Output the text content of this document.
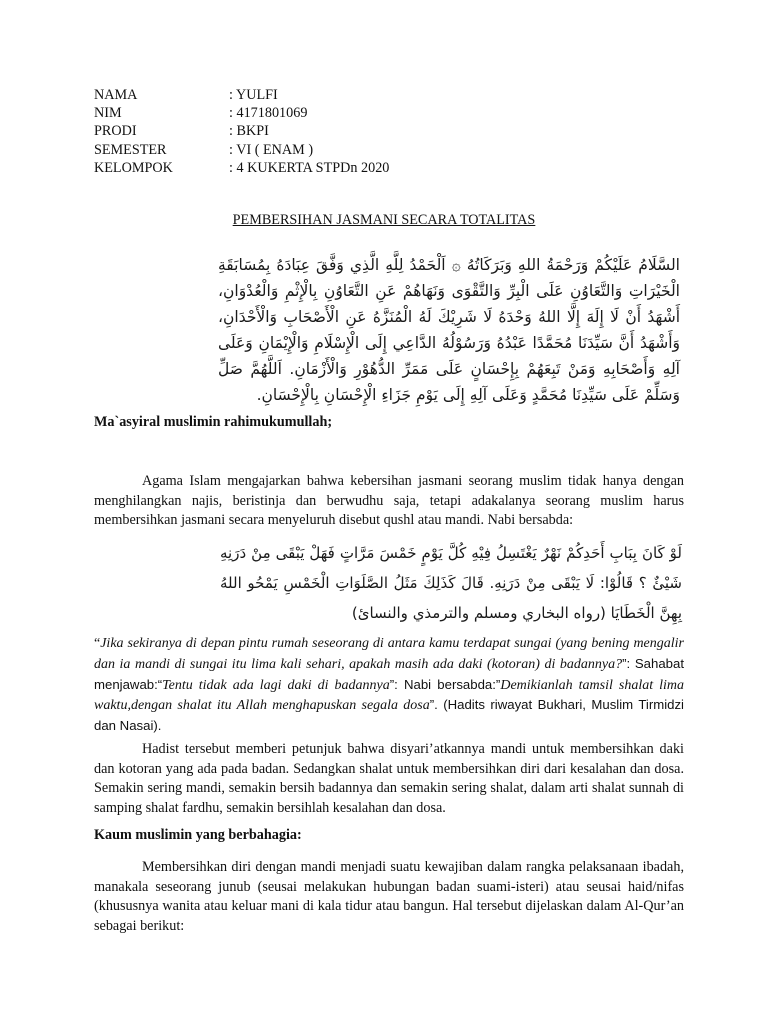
NAMA	: YULFI
NIM	: 4171801069
PRODI	: BKPI
SEMESTER	: VI ( ENAM )
KELOMPOK	: 4 KUKERTA STPDn 2020
PEMBERSIHAN JASMANI SECARA TOTALITAS
السَّلَامُ عَلَيْكُمْ وَرَحْمَةُ اللهِ وَبَرَكَاتُهُ ۞ اَلْحَمْدُ لِلَّهِ الَّذِي وَفَّقَ عِبَادَهُ بِمُسَابَقَةِ الْخَيْرَاتِ وَالتَّعَاوُنِ عَلَى الْبِرِّ وَالتَّقْوَى وَنَهَاهُمْ عَنِ التَّعَاوُنِ بِالْإِثْمِ وَالْعُدْوَانِ، أَشْهَدُ أَنْ لَا إِلَهَ إِلَّا اللهُ وَحْدَهُ لَا شَرِيْكَ لَهُ الْمُنَزَّهُ عَنِ الْأَصْحَابِ وَالْأَحْدَانِ، وَأَشْهَدُ أَنَّ سَيِّدَنَا مُحَمَّدًا عَبْدُهُ وَرَسُوْلُهُ الدَّاعِي إِلَى الْإِسْلَامِ وَالْإِيْمَانِ وَعَلَى آلِهِ وَأَصْحَابِهِ وَمَنْ تَبِعَهُمْ بِإِحْسَانٍ عَلَى مَمَرِّ الدُّهُوْرِ وَالْأَزْمَانِ. اَللَّهُمَّ صَلِّ وَسَلِّمْ عَلَى سَيِّدِنَا مُحَمَّدٍ وَعَلَى آلِهِ إِلَى يَوْمِ جَزَاءِ الْإِحْسَانِ بِالْإِحْسَانِ.
Ma`asyiral muslimin rahimukumullah;
Agama Islam mengajarkan bahwa kebersihan jasmani seorang muslim tidak hanya dengan menghilangkan najis, beristinja dan berwudhu saja, tetapi adakalanya seorang muslim harus membersihkan jasmani secara menyeluruh disebut qushl atau mandi. Nabi bersabda:
لَوْ كَانَ بِبَابِ أَحَدِكُمْ نَهْرٌ يَغْتَسِلُ فِيْهِ كُلَّ يَوْمٍ خَمْسَ مَرَّاتٍ فَهَلْ يَبْقَى مِنْ دَرَنِهِ شَيْئٌ ؟ قَالُوْا: لَا يَبْقَى مِنْ دَرَنِهِ. قَالَ كَذَلِكَ مَثَلُ الصَّلَوَاتِ الْخَمْسِ يَمْحُو اللهُ بِهِنَّ الْخَطَايَا (رواه البخاري ومسلم والترمذي والنسائ)
“Jika sekiranya di depan pintu rumah seseorang di antara kamu terdapat sungai (yang bening mengalir dan ia mandi di sungai itu lima kali sehari, apakah masih ada daki (kotoran) di badannya?”: Sahabat menjawab:“Tentu tidak ada lagi daki di badannya”: Nabi bersabda:”Demikianlah tamsil shalat lima waktu,dengan shalat itu Allah menghapuskan segala dosa”. (Hadits riwayat Bukhari, Muslim Tirmidzi dan Nasai).
Hadist tersebut memberi petunjuk bahwa disyari’atkannya mandi untuk membersihkan daki dan kotoran yang ada pada badan. Sedangkan shalat untuk membersihkan diri dari kesalahan dan dosa. Semakin sering mandi, semakin bersih badannya dan semakin sering shalat, dalam arti shalat sunnah di samping shalat fardhu, semakin bersihlah kesalahan dan dosa.
Kaum muslimin yang berbahagia:
Membersihkan diri dengan mandi menjadi suatu kewajiban dalam rangka pelaksanaan ibadah, manakala seseorang junub (seusai melakukan hubungan badan suami-isteri) atau seusai haid/nifas (khususnya wanita atau keluar mani di kala tidur atau bangun. Hal tersebut dijelaskan dalam Al-Qur’an sebagai berikut:
